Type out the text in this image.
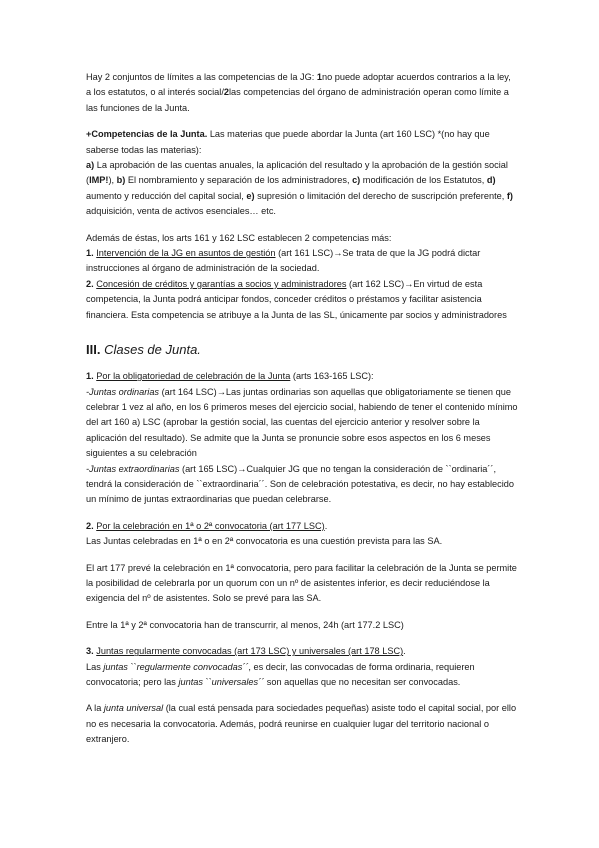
Hay 2 conjuntos de límites a las competencias de la JG: 1no puede adoptar acuerdos contrarios a la ley, a los estatutos, o al interés social/2las competencias del órgano de administración operan como límite a las funciones de la Junta.

+Competencias de la Junta. Las materias que puede abordar la Junta (art 160 LSC) *(no hay que saberse todas las materias):
a) La aprobación de las cuentas anuales, la aplicación del resultado y la aprobación de la gestión social (IMP!), b) El nombramiento y separación de los administradores, c) modificación de los Estatutos, d) aumento y reducción del capital social, e) supresión o limitación del derecho de suscripción preferente, f) adquisición, venta de activos esenciales… etc.

Además de éstas, los arts 161 y 162 LSC establecen 2 competencias más:
1. Intervención de la JG en asuntos de gestión (art 161 LSC)→Se trata de que la JG podrá dictar instrucciones al órgano de administración de la sociedad.
2. Concesión de créditos y garantías a socios y administradores (art 162 LSC)→En virtud de esta competencia, la Junta podrá anticipar fondos, conceder créditos o préstamos y facilitar asistencia financiera. Esta competencia se atribuye a la Junta de las SL, únicamente par socios y administradores

III. Clases de Junta.

1. Por la obligatoriedad de celebración de la Junta (arts 163-165 LSC):
-Juntas ordinarias (art 164 LSC)→Las juntas ordinarias son aquellas que obligatoriamente se tienen que celebrar 1 vez al año, en los 6 primeros meses del ejercicio social, habiendo de tener el contenido mínimo del art 160 a) LSC (aprobar la gestión social, las cuentas del ejercicio anterior y resolver sobre la aplicación del resultado). Se admite que la Junta se pronuncie sobre esos aspectos en los 6 meses siguientes a su celebración
-Juntas extraordinarias (art 165 LSC)→Cualquier JG que no tengan la consideración de ``ordinaria´´, tendrá la consideración de ``extraordinaria´´. Son de celebración potestativa, es decir, no hay establecido un mínimo de juntas extraordinarias que puedan celebrarse.

2. Por la celebración en 1ª o 2ª convocatoria (art 177 LSC).
Las Juntas celebradas en 1ª o en 2ª convocatoria es una cuestión prevista para las SA.

El art 177 prevé la celebración en 1ª convocatoria, pero para facilitar la celebración de la Junta se permite la posibilidad de celebrarla por un quorum con un nº de asistentes inferior, es decir reduciéndose la exigencia del nº de asistentes. Solo se prevé para las SA.

Entre la 1ª y 2ª convocatoria han de transcurrir, al menos, 24h (art 177.2 LSC)

3. Juntas regularmente convocadas (art 173 LSC) y universales (art 178 LSC).
Las juntas ``regularmente convocadas´´, es decir, las convocadas de forma ordinaria, requieren convocatoria; pero las juntas ``universales´´ son aquellas que no necesitan ser convocadas.

A la junta universal (la cual está pensada para sociedades pequeñas) asiste todo el capital social, por ello no es necesaria la convocatoria. Además, podrá reunirse en cualquier lugar del territorio nacional o extranjero.
